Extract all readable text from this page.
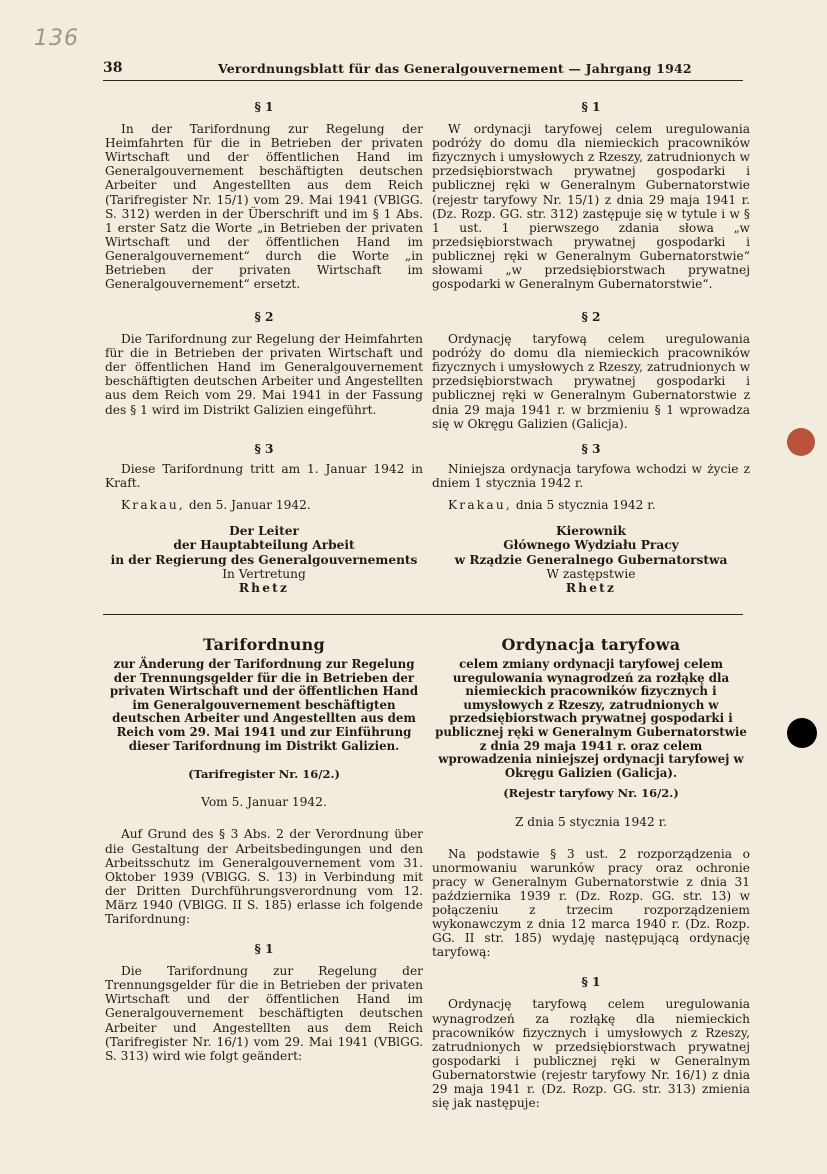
136
38	Verordnungsblatt für das Generalgouvernement — Jahrgang 1942

§ 1

In der Tarifordnung zur Regelung der Heimfahrten für die in Betrieben der privaten Wirtschaft und der öffentlichen Hand im Generalgouvernement beschäftigten deutschen Arbeiter und Angestellten aus dem Reich (Tarifregister Nr. 15/1) vom 29. Mai 1941 (VBlGG. S. 312) werden in der Überschrift und im § 1 Abs. 1 erster Satz die Worte „in Betrieben der privaten Wirtschaft und der öffentlichen Hand im Generalgouvernement“ durch die Worte „in Betrieben der privaten Wirtschaft im Generalgouvernement“ ersetzt.

§ 2

Die Tarifordnung zur Regelung der Heimfahrten für die in Betrieben der privaten Wirtschaft und der öffentlichen Hand im Generalgouvernement beschäftigten deutschen Arbeiter und Angestellten aus dem Reich vom 29. Mai 1941 in der Fassung des § 1 wird im Distrikt Galizien eingeführt.

§ 3

Diese Tarifordnung tritt am 1. Januar 1942 in Kraft.

Krakau, den 5. Januar 1942.

Der Leiter

der Hauptabteilung Arbeit

in der Regierung des Generalgouvernements

In Vertretung

Rhetz

§ 1

W ordynacji taryfowej celem uregulowania podróży do domu dla niemieckich pracowników fizycznych i umysłowych z Rzeszy, zatrudnionych w przedsiębiorstwach prywatnej gospodarki i publicznej ręki w Generalnym Gubernatorstwie (rejestr taryfowy Nr. 15/1) z dnia 29 maja 1941 r. (Dz. Rozp. GG. str. 312) zastępuje się w tytule i w § 1 ust. 1 pierwszego zdania słowa „w przedsiębiorstwach prywatnej gospodarki i publicznej ręki w Generalnym Gubernatorstwie“ słowami „w przedsiębiorstwach prywatnej gospodarki w Generalnym Gubernatorstwie“.

§ 2

Ordynację taryfową celem uregulowania podróży do domu dla niemieckich pracowników fizycznych i umysłowych z Rzeszy, zatrudnionych w przedsiębiorstwach prywatnej gospodarki i publicznej ręki w Generalnym Gubernatorstwie z dnia 29 maja 1941 r. w brzmieniu § 1 wprowadza się w Okręgu Galizien (Galicja).

§ 3

Niniejsza ordynacja taryfowa wchodzi w życie z dniem 1 stycznia 1942 r.

Krakau, dnia 5 stycznia 1942 r.

Kierownik

Głównego Wydziału Pracy

w Rządzie Generalnego Gubernatorstwa

W zastępstwie

Rhetz

Tarifordnung

zur Änderung der Tarifordnung zur Regelung der Trennungsgelder für die in Betrieben der privaten Wirtschaft und der öffentlichen Hand im Generalgouvernement beschäftigten deutschen Arbeiter und Angestellten aus dem Reich vom 29. Mai 1941 und zur Einführung dieser Tarifordnung im Distrikt Galizien.

(Tarifregister Nr. 16/2.)

Vom 5. Januar 1942.

Auf Grund des § 3 Abs. 2 der Verordnung über die Gestaltung der Arbeitsbedingungen und den Arbeitsschutz im Generalgouvernement vom 31. Oktober 1939 (VBlGG. S. 13) in Verbindung mit der Dritten Durchführungsverordnung vom 12. März 1940 (VBlGG. II S. 185) erlasse ich folgende Tarifordnung:

§ 1

Die Tarifordnung zur Regelung der Trennungsgelder für die in Betrieben der privaten Wirtschaft und der öffentlichen Hand im Generalgouvernement beschäftigten deutschen Arbeiter und Angestellten aus dem Reich (Tarifregister Nr. 16/1) vom 29. Mai 1941 (VBlGG. S. 313) wird wie folgt geändert:

Ordynacja taryfowa

celem zmiany ordynacji taryfowej celem uregulowania wynagrodzeń za rozłąkę dla niemieckich pracowników fizycznych i umysłowych z Rzeszy, zatrudnionych w przedsiębiorstwach prywatnej gospodarki i publicznej ręki w Generalnym Gubernatorstwie z dnia 29 maja 1941 r. oraz celem wprowadzenia niniejszej ordynacji taryfowej w Okręgu Galizien (Galicja).

(Rejestr taryfowy Nr. 16/2.)

Z dnia 5 stycznia 1942 r.

Na podstawie § 3 ust. 2 rozporządzenia o unormowaniu warunków pracy oraz ochronie pracy w Generalnym Gubernatorstwie z dnia 31 października 1939 r. (Dz. Rozp. GG. str. 13) w połączeniu z trzecim rozporządzeniem wykonawczym z dnia 12 marca 1940 r. (Dz. Rozp. GG. II str. 185) wydaję następującą ordynację taryfową:

§ 1

Ordynację taryfową celem uregulowania wynagrodzeń za rozłąkę dla niemieckich pracowników fizycznych i umysłowych z Rzeszy, zatrudnionych w przedsiębiorstwach prywatnej gospodarki i publicznej ręki w Generalnym Gubernatorstwie (rejestr taryfowy Nr. 16/1) z dnia 29 maja 1941 r. (Dz. Rozp. GG. str. 313) zmienia się jak następuje:
